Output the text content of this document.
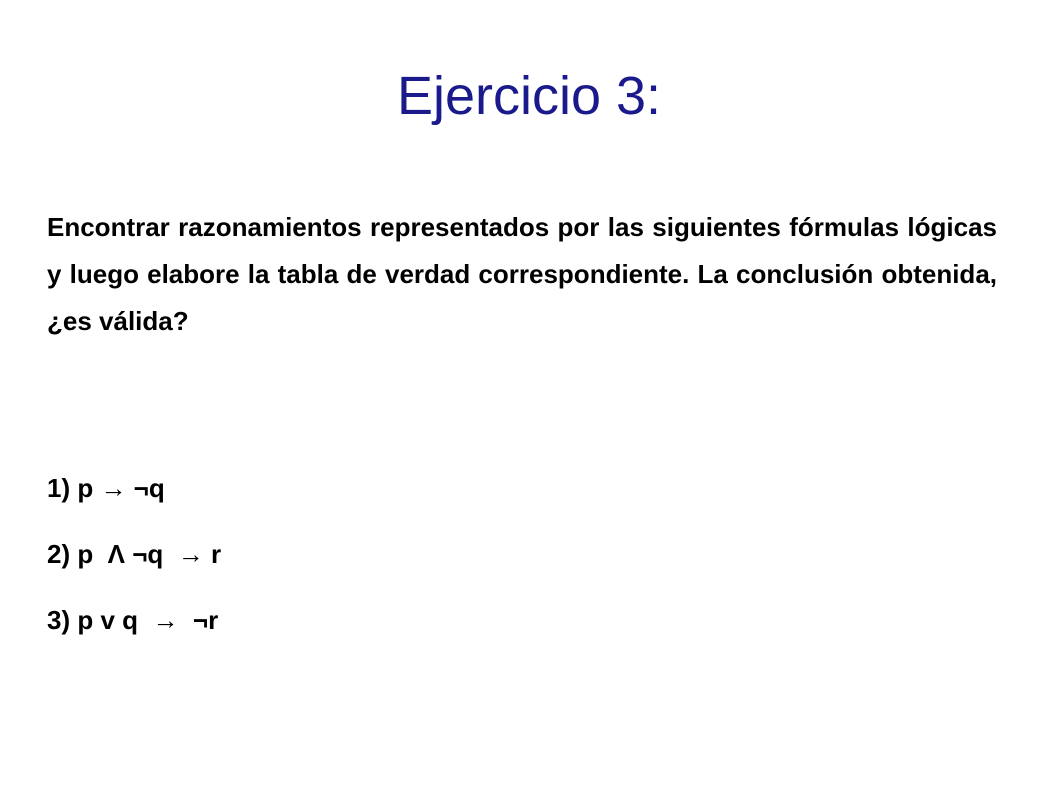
Ejercicio 3:

Encontrar razonamientos representados por las siguientes fórmulas lógicas y luego elabore la tabla de verdad correspondiente. La conclusión obtenida, ¿es válida?

1) p → ¬q
2) p  Λ ¬q  → r
3) p v q  →  ¬r
